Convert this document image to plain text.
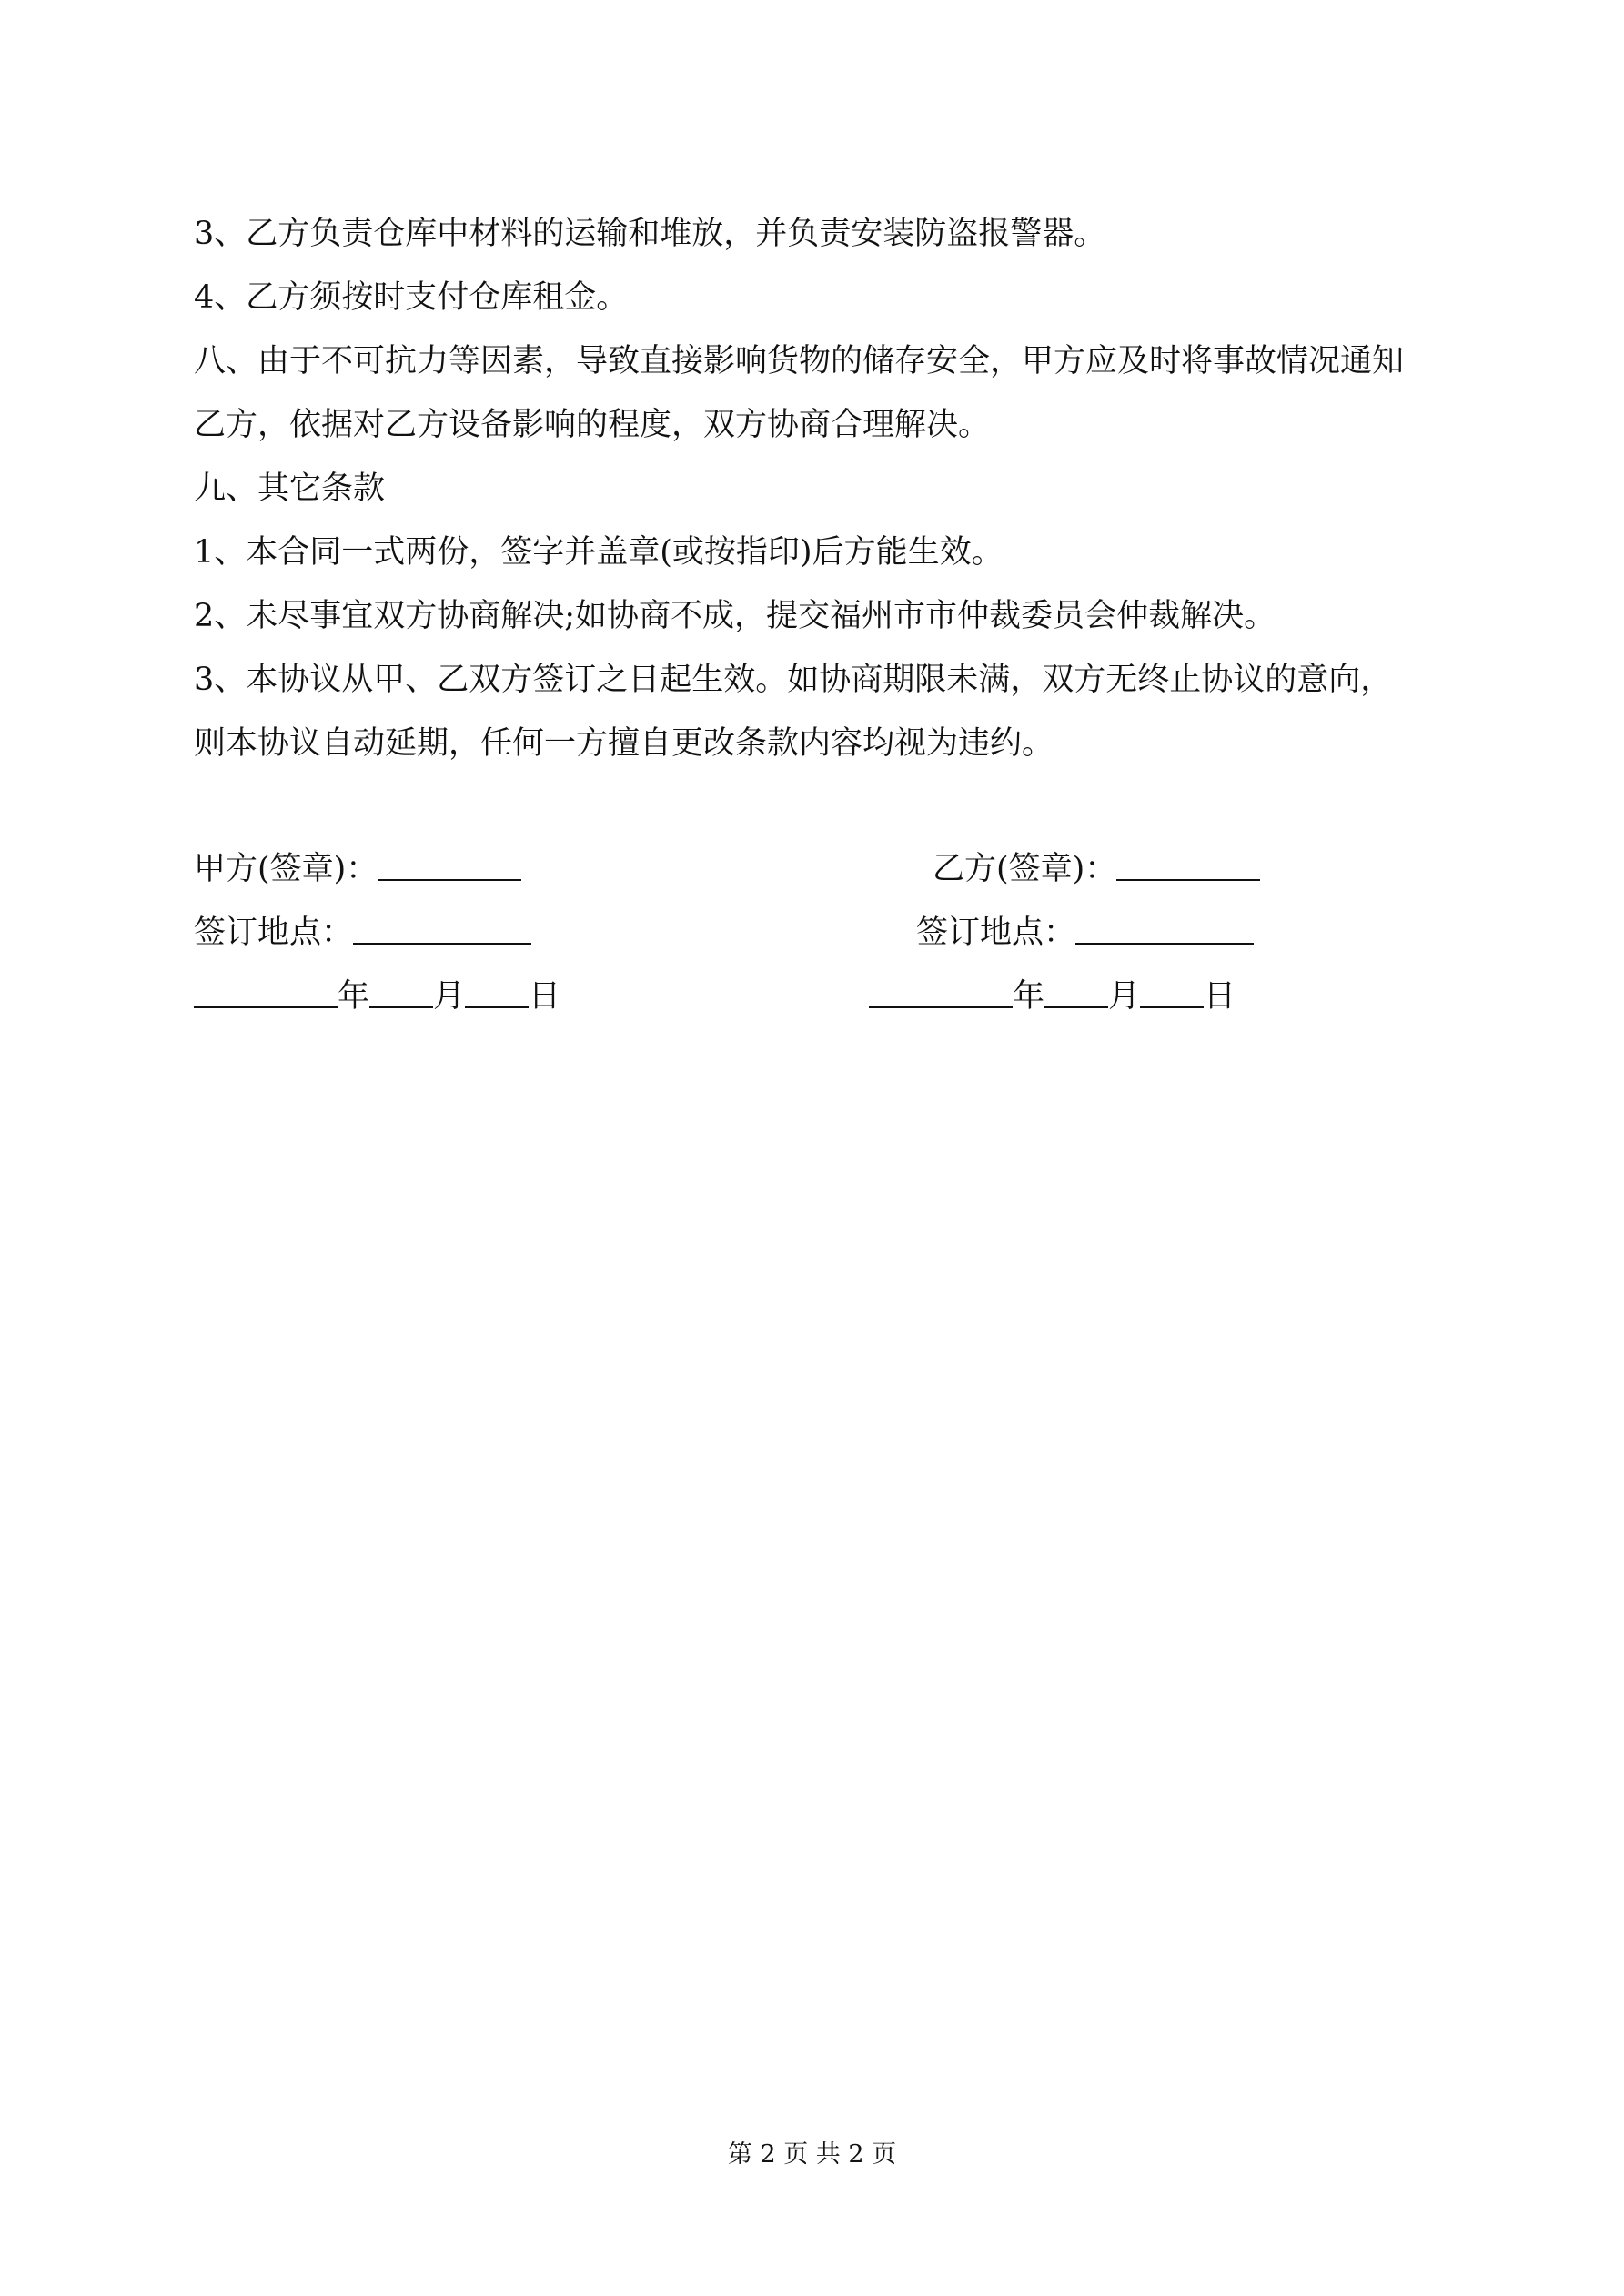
3、乙方负责仓库中材料的运输和堆放，并负责安装防盗报警器。

4、乙方须按时支付仓库租金。

八、由于不可抗力等因素，导致直接影响货物的储存安全，甲方应及时将事故情况通知

乙方，依据对乙方设备影响的程度，双方协商合理解决。

九、其它条款

1、本合同一式两份，签字并盖章(或按指印)后方能生效。

2、未尽事宜双方协商解决;如协商不成，提交福州市市仲裁委员会仲裁解决。

3、本协议从甲、乙双方签订之日起生效。如协商期限未满，双方无终止协议的意向，

则本协议自动延期，任何一方擅自更改条款内容均视为违约。

甲方(签章)：
签订地点：
年 月 日
乙方(签章)：
签订地点：
年 月 日
第 2 页 共 2 页
